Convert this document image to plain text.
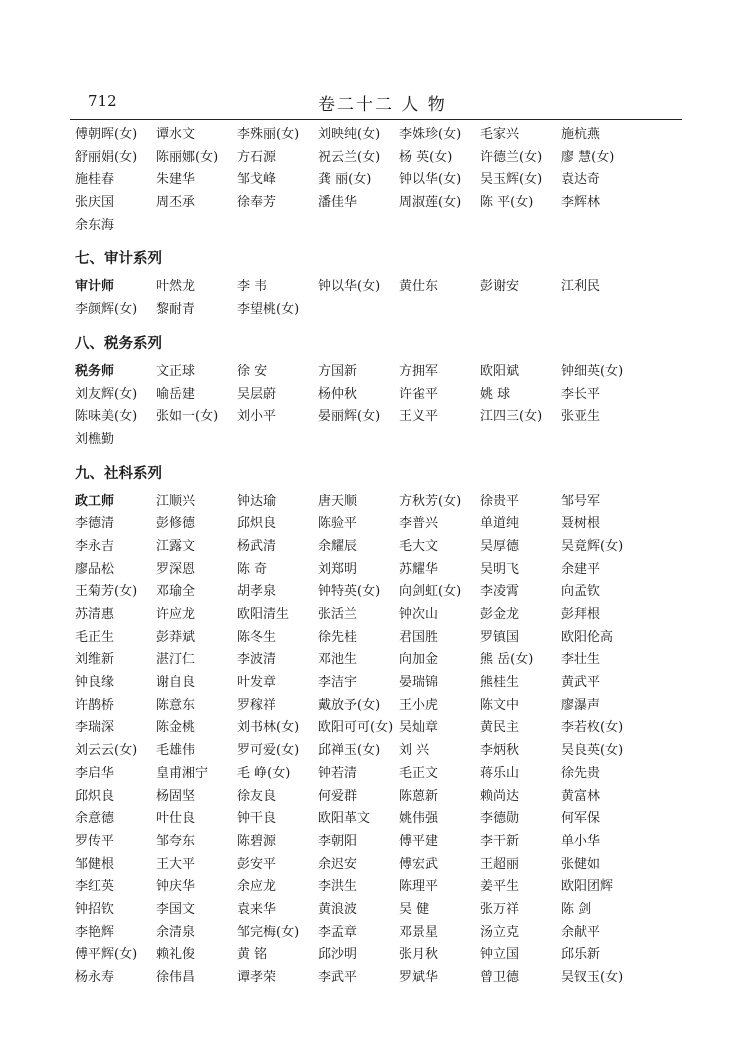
712	卷二十二 人 物
傅朝晖(女)	谭水文	李殊丽(女)	刘映纯(女)	李姝珍(女)	毛家兴	施杭燕
舒丽娟(女)	陈丽娜(女)	方石源	祝云兰(女)	杨 英(女)	许德兰(女)	廖 慧(女)
施桂春	朱建华	邹戈峰	龚 丽(女)	钟以华(女)	吴玉辉(女)	袁达奇
张庆国	周丕承	徐奉芳	潘佳华	周淑莲(女)	陈 平(女)	李辉林
余东海
七、审计系列
审计师	叶然龙	李 韦	钟以华(女)	黄仕东	彭谢安	江利民
李颜辉(女)	黎耐青	李望桃(女)
八、税务系列
税务师	文正球	徐 安	方国新	方拥军	欧阳斌	钟细英(女)
刘友辉(女)	喻岳建	吴层蔚	杨仲秋	许雀平	姚 球	李长平
陈味美(女)	张如一(女)	刘小平	晏丽辉(女)	王义平	江四三(女)	张亚生
刘樵勤
九、社科系列
政工师	江顺兴	钟达瑜	唐天顺	方秋芳(女)	徐贵平	邹号军
李德清	彭修德	邱炽良	陈验平	李普兴	单道纯	聂树根
李永吉	江露文	杨武清	余耀辰	毛大文	吴厚德	吴竟辉(女)
廖品松	罗深恩	陈 奇	刘郑明	苏耀华	吴明飞	余建平
王菊芳(女)	邓瑜全	胡孝泉	钟特英(女)	向剑虹(女)	李凌霄	向孟钦
苏清惠	许应龙	欧阳清生	张活兰	钟次山	彭金龙	彭拜根
毛正生	彭莽斌	陈冬生	徐先桂	君国胜	罗镇国	欧阳伦高
刘维新	湛汀仁	李波清	邓池生	向加金	熊 岳(女)	李壮生
钟良缘	谢自良	叶发章	李洁宇	晏瑞锦	熊桂生	黄武平
许鹊桥	陈意东	罗稼祥	戴放予(女)	王小虎	陈文中	廖瀑声
李瑞深	陈金桃	刘书林(女)	欧阳可可(女) 吴灿章	黄民主	李若枚(女)
刘云云(女)	毛雄伟	罗可爱(女)	邱禅玉(女)	刘 兴	李炳秋	吴良英(女)
李启华	皇甫湘宁	毛 峥(女)	钟若清	毛正文	蒋乐山	徐先贵
邱炽良	杨固坚	徐友良	何爱群	陈蒽新	赖尚达	黄富林
余意德	叶仕良	钟干良	欧阳革文	姚伟强	李德勋	何军保
罗传平	邹夸东	陈碧源	李朝阳	傅平建	李干新	单小华
邹健根	王大平	彭安平	余迟安	傅宏武	王超丽	张健如
李红英	钟庆华	余应龙	李洪生	陈理平	姜平生	欧阳团辉
钟招钦	李国文	袁来华	黄浪波	吴 健	张万祥	陈 剑
李艳辉	余清泉	邹完梅(女)	李孟章	邓景星	汤立克	余献平
傅平辉(女)	赖礼俊	黄 铭	邱沙明	张月秋	钟立国	邱乐新
杨永寿	徐伟昌	谭孝荣	李武平	罗斌华	曾卫德	吴钗玉(女)
